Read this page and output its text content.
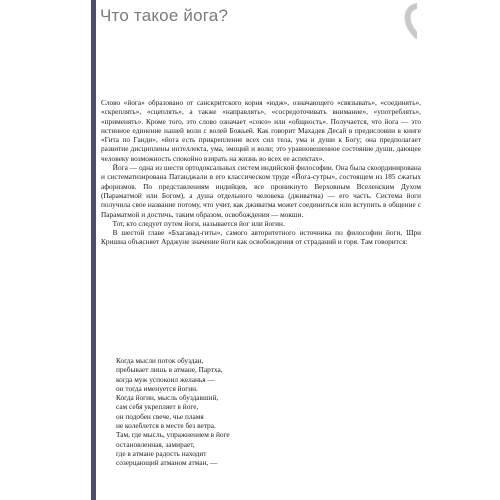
Что такое йога?

Слово «йога» образовано от санскритского корня «юдж», означающего «связывать», «соединять», «скреплять», «сцеплять», а также «направлять», «сосредоточивать внимание», «употреблять», «применять». Кроме того, это слово означает «союз» или «общность». Получается, что йога — это истинное единение нашей воли с волей Божьей. Как говорит Махадев Десай в предисловии в книге «Гита по Ганди», «йога есть прикрепление всех сил тела, ума и души к Богу; она предполагает развитие дисциплины интеллекта, ума, эмоций и воли; это уравновешенное состояние души, дающее человеку возможность спокойно взирать на жизнь во всех ее аспектах».

Йога — одна из шести ортодоксальных систем индийской философии. Она была скоординирована и систематизирована Патанджали в его классическом труде «Йога-сутры», состоящем из 185 сжатых афоризмов. По представлениям индийцев, все проникнуто Верховным Вселенским Духом (Параматмой или Богом), а душа отдельного человека (дживатма) — его часть. Система йоги получила свое название потому, что учит, как дживатма может соединиться или вступить в общение с Параматмой и достичь, таким образом, освобождения — мокши.

Тот, кто следует путем йоги, называется йог или йогин.

В шестой главе «Бхагавад-гиты», самого авторитетного источника по философии йоги, Шри Кришна объясняет Арджуне значение йоги как освобождения от страданий и горя. Там говорится:

Когда мысли поток обуздан,

пребывает лишь в атмане, Партха,

когда муж успокоил желанья —

он тогда именуется йогин.

Когда йогин, мысль обуздавший,

сам себя укрепляет в йоге,

он подобен свече, чье пламя

не колеблется в месте без ветра.

Там, где мысль, упражнением в йоге

остановленная, замирает,

где в атмане радость находит

созерцающий атманом атман, —
